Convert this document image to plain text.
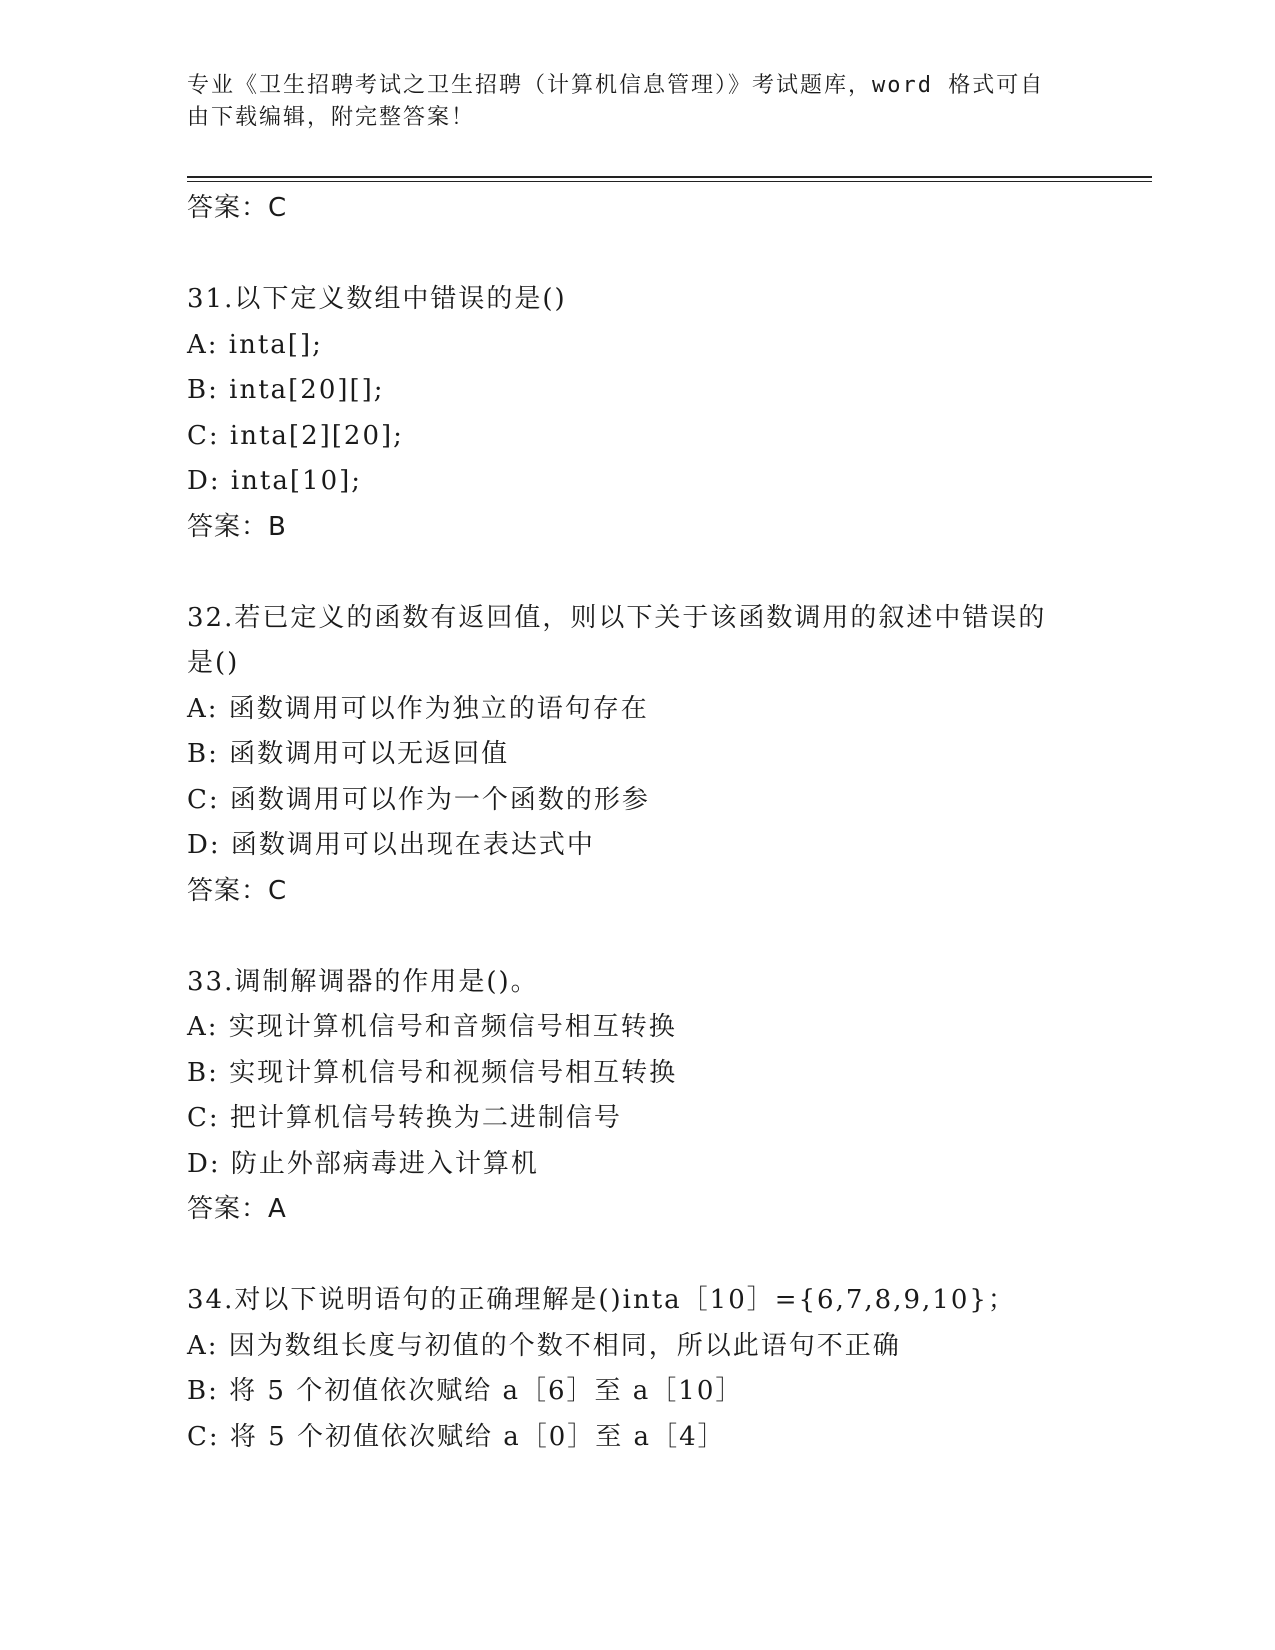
专业《卫生招聘考试之卫生招聘（计算机信息管理）》考试题库，word 格式可自

由下载编辑，附完整答案！

答案：C
31.以下定义数组中错误的是()
A: inta[];
B: inta[20][];
C: inta[2][20];
D: inta[10];
答案：B
32.若已定义的函数有返回值，则以下关于该函数调用的叙述中错误的
是()
A: 函数调用可以作为独立的语句存在
B: 函数调用可以无返回值
C: 函数调用可以作为一个函数的形参
D: 函数调用可以出现在表达式中
答案：C
33.调制解调器的作用是()。
A: 实现计算机信号和音频信号相互转换
B: 实现计算机信号和视频信号相互转换
C: 把计算机信号转换为二进制信号
D: 防止外部病毒进入计算机
答案：A
34.对以下说明语句的正确理解是()inta［10］={6,7,8,9,10}；
A: 因为数组长度与初值的个数不相同，所以此语句不正确
B: 将 5 个初值依次赋给 a［6］至 a［10］
C: 将 5 个初值依次赋给 a［0］至 a［4］
